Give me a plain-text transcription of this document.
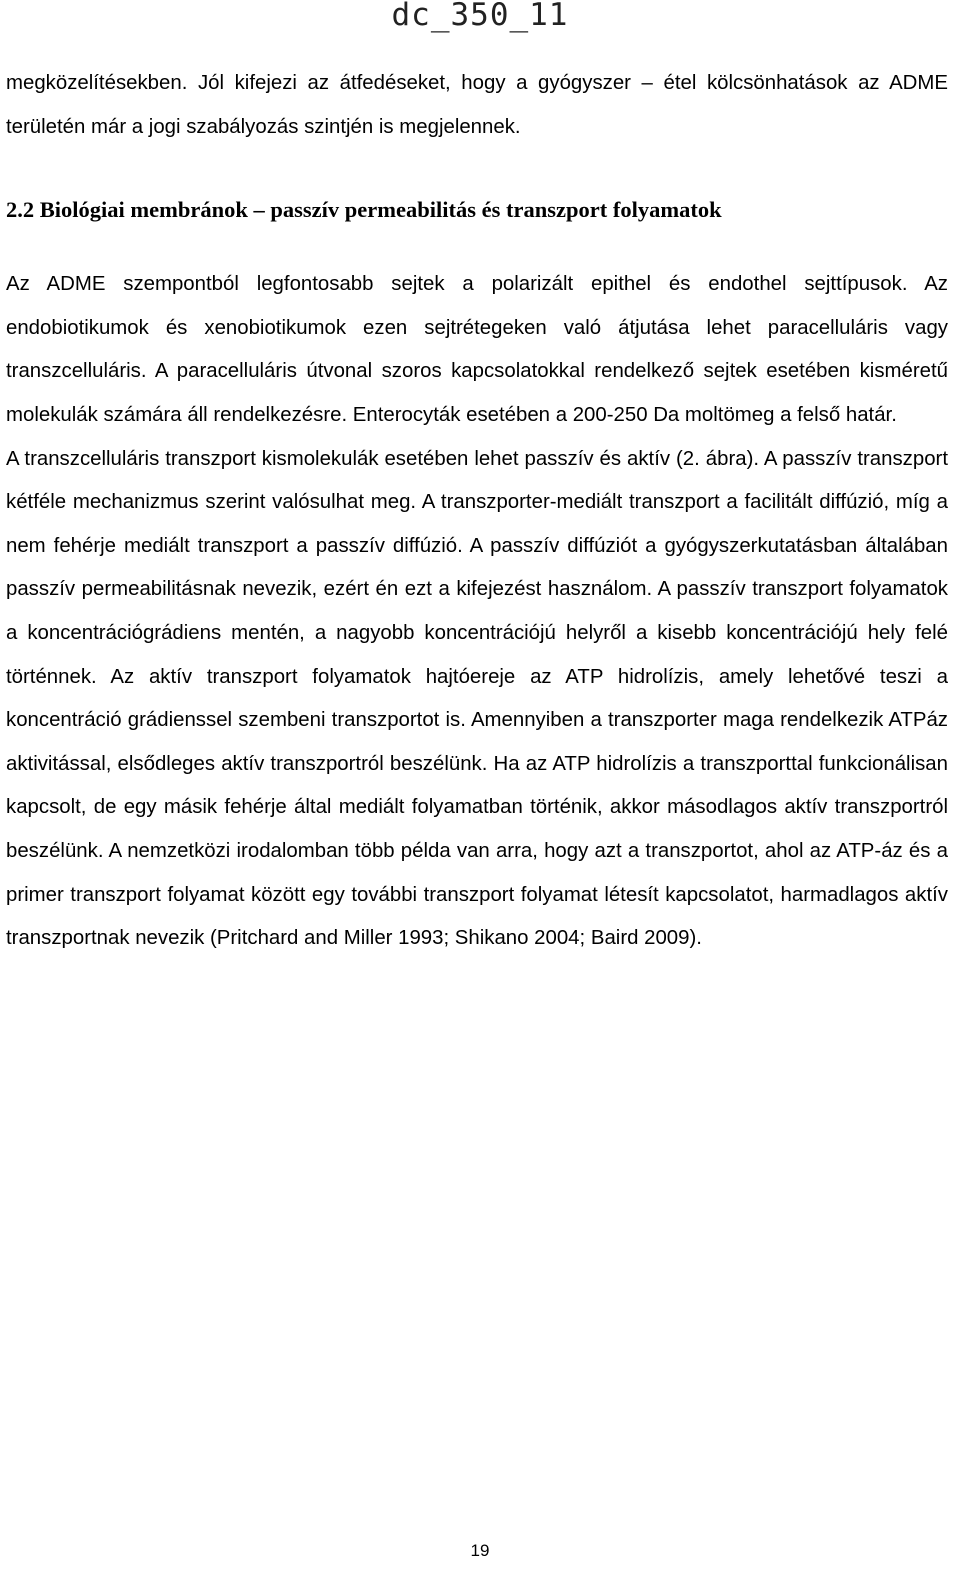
dc_350_11

megközelítésekben. Jól kifejezi az átfedéseket, hogy a gyógyszer – étel kölcsönhatások az ADME területén már a jogi szabályozás szintjén is megjelennek.

2.2 Biológiai membránok – passzív permeabilitás és transzport folyamatok

Az ADME szempontból legfontosabb sejtek a polarizált epithel és endothel sejttípusok. Az endobiotikumok és xenobiotikumok ezen sejtrétegeken való átjutása lehet paracelluláris vagy transzcelluláris. A paracelluláris útvonal szoros kapcsolatokkal rendelkező sejtek esetében kisméretű molekulák számára áll rendelkezésre. Enterocyták esetében a 200-250 Da moltömeg a felső határ.

A transzcelluláris transzport kismolekulák esetében lehet passzív és aktív (2. ábra). A passzív transzport kétféle mechanizmus szerint valósulhat meg. A transzporter-mediált transzport a facilitált diffúzió, míg a nem fehérje mediált transzport a passzív diffúzió. A passzív diffúziót a gyógyszerkutatásban általában passzív permeabilitásnak nevezik, ezért én ezt a kifejezést használom. A passzív transzport folyamatok a koncentrációgrádiens mentén, a nagyobb koncentrációjú helyről a kisebb koncentrációjú hely felé történnek. Az aktív transzport folyamatok hajtóereje az ATP hidrolízis, amely lehetővé teszi a koncentráció grádienssel szembeni transzportot is. Amennyiben a transzporter maga rendelkezik ATPáz aktivitással, elsődleges aktív transzportról beszélünk. Ha az ATP hidrolízis a transzporttal funkcionálisan kapcsolt, de egy másik fehérje által mediált folyamatban történik, akkor másodlagos aktív transzportról beszélünk. A nemzetközi irodalomban több példa van arra, hogy azt a transzportot, ahol az ATP-áz és a primer transzport folyamat között egy további transzport folyamat létesít kapcsolatot, harmadlagos aktív transzportnak nevezik (Pritchard and Miller 1993; Shikano 2004; Baird 2009).

19
